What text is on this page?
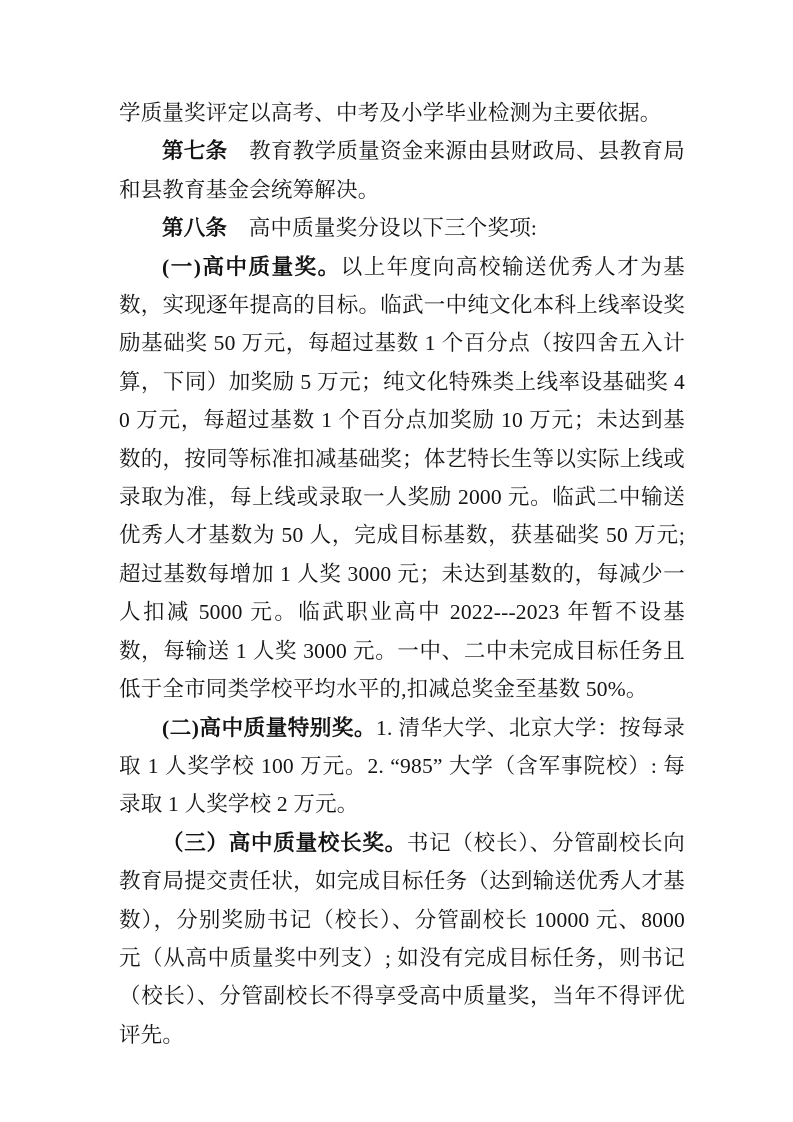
学质量奖评定以高考、中考及小学毕业检测为主要依据。

第七条　教育教学质量资金来源由县财政局、县教育局和县教育基金会统筹解决。

第八条　高中质量奖分设以下三个奖项:

(一)高中质量奖。以上年度向高校输送优秀人才为基数，实现逐年提高的目标。临武一中纯文化本科上线率设奖励基础奖 50 万元，每超过基数 1 个百分点（按四舍五入计算，下同）加奖励 5 万元；纯文化特殊类上线率设基础奖 40 万元，每超过基数 1 个百分点加奖励 10 万元；未达到基数的，按同等标准扣减基础奖；体艺特长生等以实际上线或录取为准，每上线或录取一人奖励 2000 元。临武二中输送优秀人才基数为 50 人，完成目标基数，获基础奖 50 万元;超过基数每增加 1 人奖 3000 元；未达到基数的，每减少一人扣减 5000 元。临武职业高中 2022---2023 年暂不设基数，每输送 1 人奖 3000 元。一中、二中未完成目标任务且低于全市同类学校平均水平的,扣减总奖金至基数 50%。

(二)高中质量特别奖。1. 清华大学、北京大学：按每录取 1 人奖学校 100 万元。2. “985” 大学（含军事院校）: 每录取 1 人奖学校 2 万元。

（三）高中质量校长奖。书记（校长）、分管副校长向教育局提交责任状，如完成目标任务（达到输送优秀人才基数），分别奖励书记（校长）、分管副校长 10000 元、8000 元（从高中质量奖中列支）; 如没有完成目标任务，则书记（校长）、分管副校长不得享受高中质量奖，当年不得评优评先。
